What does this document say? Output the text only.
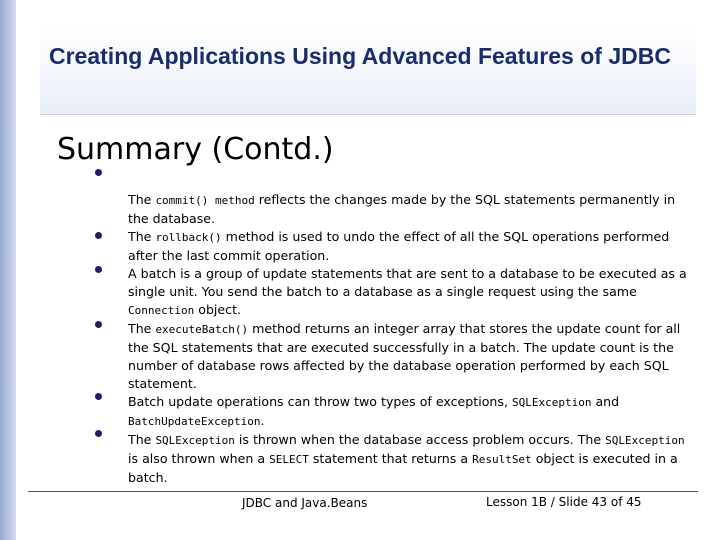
Creating Applications Using Advanced Features of JDBC
Summary (Contd.)

The commit() method reflects the changes made by the SQL statements permanently in the database.

The rollback() method is used to undo the effect of all the SQL operations performed after the last commit operation.

A batch is a group of update statements that are sent to a database to be executed as a single unit. You send the batch to a database as a single request using the same Connection object.

The executeBatch() method returns an integer array that stores the update count for all the SQL statements that are executed successfully in a batch. The update count is the number of database rows affected by the database operation performed by each SQL statement.

Batch update operations can throw two types of exceptions, SQLException and BatchUpdateException.

The SQLException is thrown when the database access problem occurs. The SQLException is also thrown when a SELECT statement that returns a ResultSet object is executed in a batch.

JDBC and Java.Beans	Lesson 1B / Slide 43 of 45
